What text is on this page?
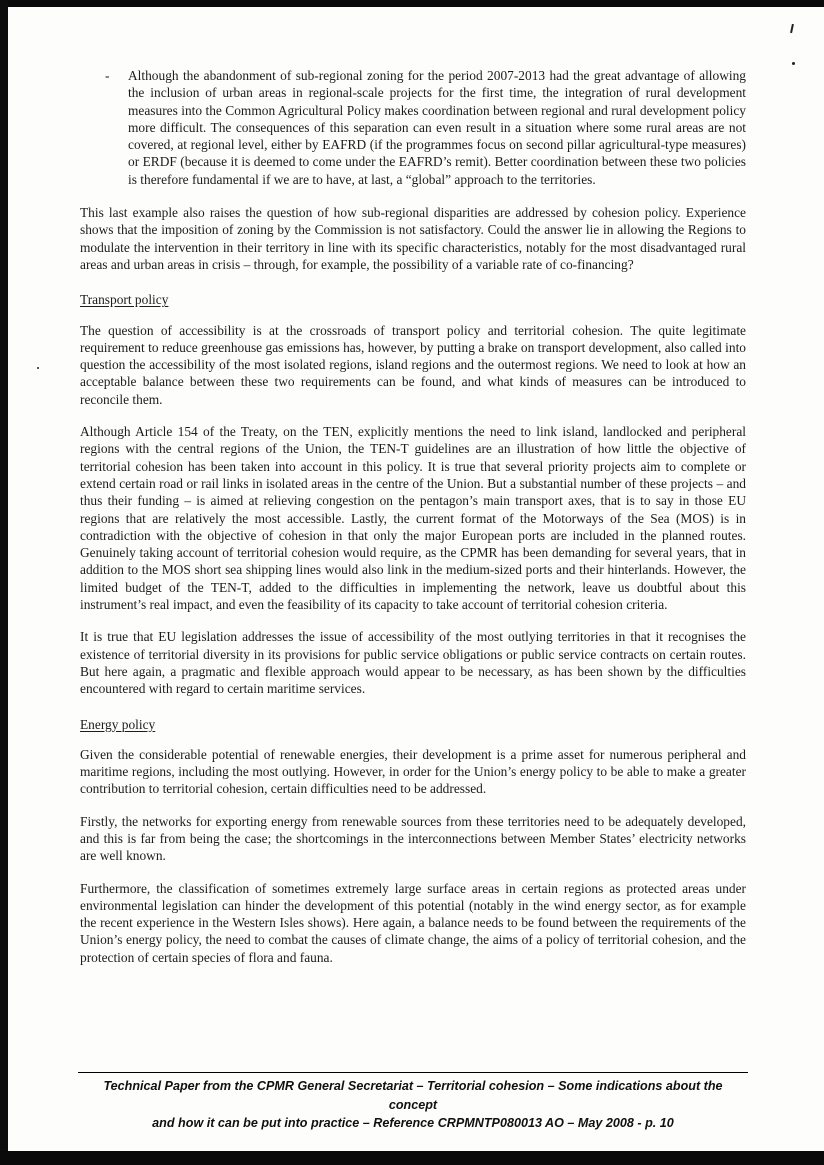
-	Although the abandonment of sub-regional zoning for the period 2007-2013 had the great advantage of allowing the inclusion of urban areas in regional-scale projects for the first time, the integration of rural development measures into the Common Agricultural Policy makes coordination between regional and rural development policy more difficult. The consequences of this separation can even result in a situation where some rural areas are not covered, at regional level, either by EAFRD (if the programmes focus on second pillar agricultural-type measures) or ERDF (because it is deemed to come under the EAFRD’s remit). Better coordination between these two policies is therefore fundamental if we are to have, at last, a “global” approach to the territories.

This last example also raises the question of how sub-regional disparities are addressed by cohesion policy. Experience shows that the imposition of zoning by the Commission is not satisfactory. Could the answer lie in allowing the Regions to modulate the intervention in their territory in line with its specific characteristics, notably for the most disadvantaged rural areas and urban areas in crisis – through, for example, the possibility of a variable rate of co-financing?

Transport policy

The question of accessibility is at the crossroads of transport policy and territorial cohesion. The quite legitimate requirement to reduce greenhouse gas emissions has, however, by putting a brake on transport development, also called into question the accessibility of the most isolated regions, island regions and the outermost regions. We need to look at how an acceptable balance between these two requirements can be found, and what kinds of measures can be introduced to reconcile them.

Although Article 154 of the Treaty, on the TEN, explicitly mentions the need to link island, landlocked and peripheral regions with the central regions of the Union, the TEN-T guidelines are an illustration of how little the objective of territorial cohesion has been taken into account in this policy. It is true that several priority projects aim to complete or extend certain road or rail links in isolated areas in the centre of the Union. But a substantial number of these projects – and thus their funding – is aimed at relieving congestion on the pentagon’s main transport axes, that is to say in those EU regions that are relatively the most accessible. Lastly, the current format of the Motorways of the Sea (MOS) is in contradiction with the objective of cohesion in that only the major European ports are included in the planned routes. Genuinely taking account of territorial cohesion would require, as the CPMR has been demanding for several years, that in addition to the MOS short sea shipping lines would also link in the medium-sized ports and their hinterlands. However, the limited budget of the TEN-T, added to the difficulties in implementing the network, leave us doubtful about this instrument’s real impact, and even the feasibility of its capacity to take account of territorial cohesion criteria.

It is true that EU legislation addresses the issue of accessibility of the most outlying territories in that it recognises the existence of territorial diversity in its provisions for public service obligations or public service contracts on certain routes. But here again, a pragmatic and flexible approach would appear to be necessary, as has been shown by the difficulties encountered with regard to certain maritime services.

Energy policy

Given the considerable potential of renewable energies, their development is a prime asset for numerous peripheral and maritime regions, including the most outlying. However, in order for the Union’s energy policy to be able to make a greater contribution to territorial cohesion, certain difficulties need to be addressed.

Firstly, the networks for exporting energy from renewable sources from these territories need to be adequately developed, and this is far from being the case; the shortcomings in the interconnections between Member States’ electricity networks are well known.

Furthermore, the classification of sometimes extremely large surface areas in certain regions as protected areas under environmental legislation can hinder the development of this potential (notably in the wind energy sector, as for example the recent experience in the Western Isles shows). Here again, a balance needs to be found between the requirements of the Union’s energy policy, the need to combat the causes of climate change, the aims of a policy of territorial cohesion, and the protection of certain species of flora and fauna.

Technical Paper from the CPMR General Secretariat – Territorial cohesion – Some indications about the concept
and how it can be put into practice – Reference CRPMNTP080013 AO – May 2008 - p. 10
